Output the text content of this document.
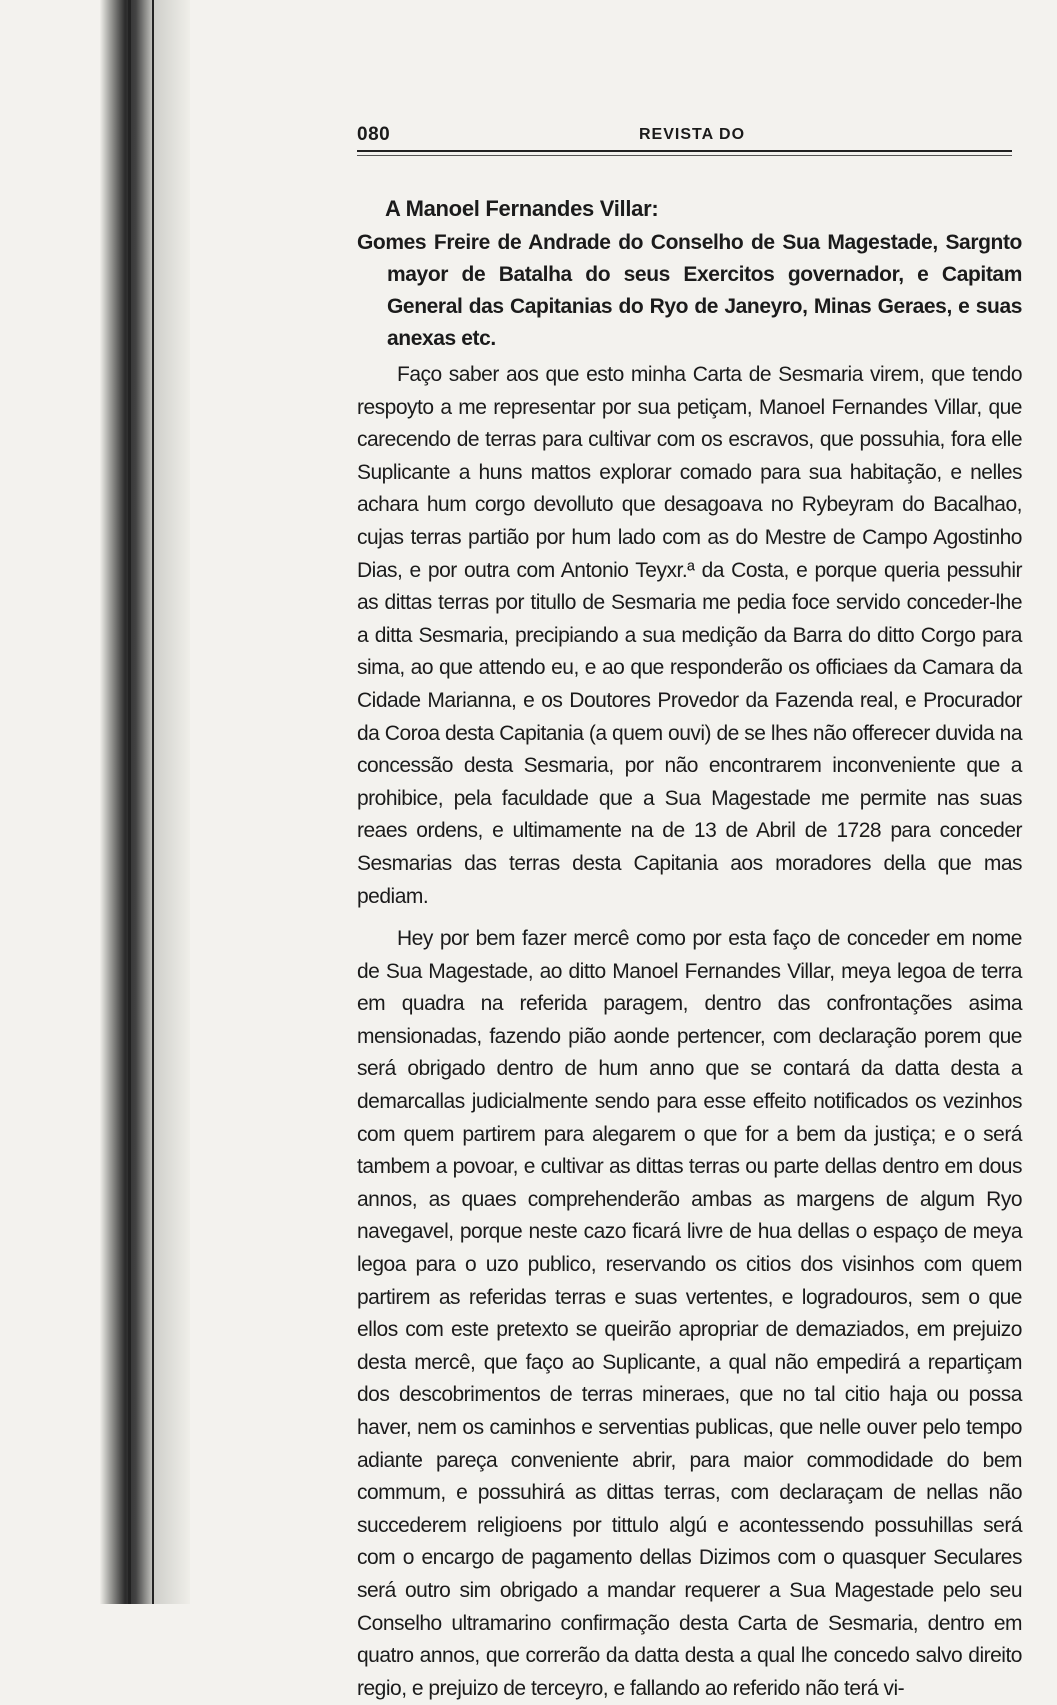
080	REVISTA DO
A Manoel Fernandes Villar:
Gomes Freire de Andrade do Conselho de Sua Magestade, Sargnto mayor de Batalha do seus Exercitos governador, e Capitam General das Capitanias do Ryo de Janeyro, Minas Geraes, e suas anexas etc.

Faço saber aos que esto minha Carta de Sesmaria virem, que tendo respoyto a me representar por sua petiçam, Manoel Fernandes Villar, que carecendo de terras para cultivar com os escravos, que possuhia, fora elle Suplicante a huns mattos explorar comado para sua habitação, e nelles achara hum corgo devolluto que desagoava no Rybeyram do Bacalhao, cujas terras partião por hum lado com as do Mestre de Campo Agostinho Dias, e por outra com Antonio Teyxr.ª da Costa, e porque queria pessuhir as dittas terras por titullo de Sesmaria me pedia foce servido conceder-lhe a ditta Sesmaria, precipiando a sua medição da Barra do ditto Corgo para sima, ao que attendo eu, e ao que responderão os officiaes da Camara da Cidade Marianna, e os Doutores Provedor da Fazenda real, e Procurador da Coroa desta Capitania (a quem ouvi) de se lhes não offerecer duvida na concessão desta Sesmaria, por não encontrarem inconveniente que a prohibice, pela faculdade que a Sua Magestade me permite nas suas reaes ordens, e ultimamente na de 13 de Abril de 1728 para conceder Sesmarias das terras desta Capitania aos moradores della que mas pediam.

Hey por bem fazer mercê como por esta faço de conceder em nome de Sua Magestade, ao ditto Manoel Fernandes Villar, meya legoa de terra em quadra na referida paragem, dentro das confrontações asima mensionadas, fazendo pião aonde pertencer, com declaração porem que será obrigado dentro de hum anno que se contará da datta desta a demarcallas judicialmente sendo para esse effeito notificados os vezinhos com quem partirem para alegarem o que for a bem da justiça; e o será tambem a povoar, e cultivar as dittas terras ou parte dellas dentro em dous annos, as quaes comprehenderão ambas as margens de algum Ryo navegavel, porque neste cazo ficará livre de hua dellas o espaço de meya legoa para o uzo publico, reservando os citios dos visinhos com quem partirem as referidas terras e suas vertentes, e logradouros, sem o que ellos com este pretexto se queirão apropriar de demaziados, em prejuizo desta mercê, que faço ao Suplicante, a qual não empedirá a repartiçam dos descobrimentos de terras mineraes, que no tal citio haja ou possa haver, nem os caminhos e serventias publicas, que nelle ouver pelo tempo adiante pareça conveniente abrir, para maior commodidade do bem commum, e possuhirá as dittas terras, com declaraçam de nellas não succederem religioens por tittulo algú e acontessendo possuhillas será com o encargo de pagamento dellas Dizimos com o quasquer Seculares será outro sim obrigado a mandar requerer a Sua Magestade pelo seu Conselho ultramarino confirmação desta Carta de Sesmaria, dentro em quatro annos, que correrão da datta desta a qual lhe concedo salvo direito regio, e prejuizo de terceyro, e fallando ao referido não terá vi-
